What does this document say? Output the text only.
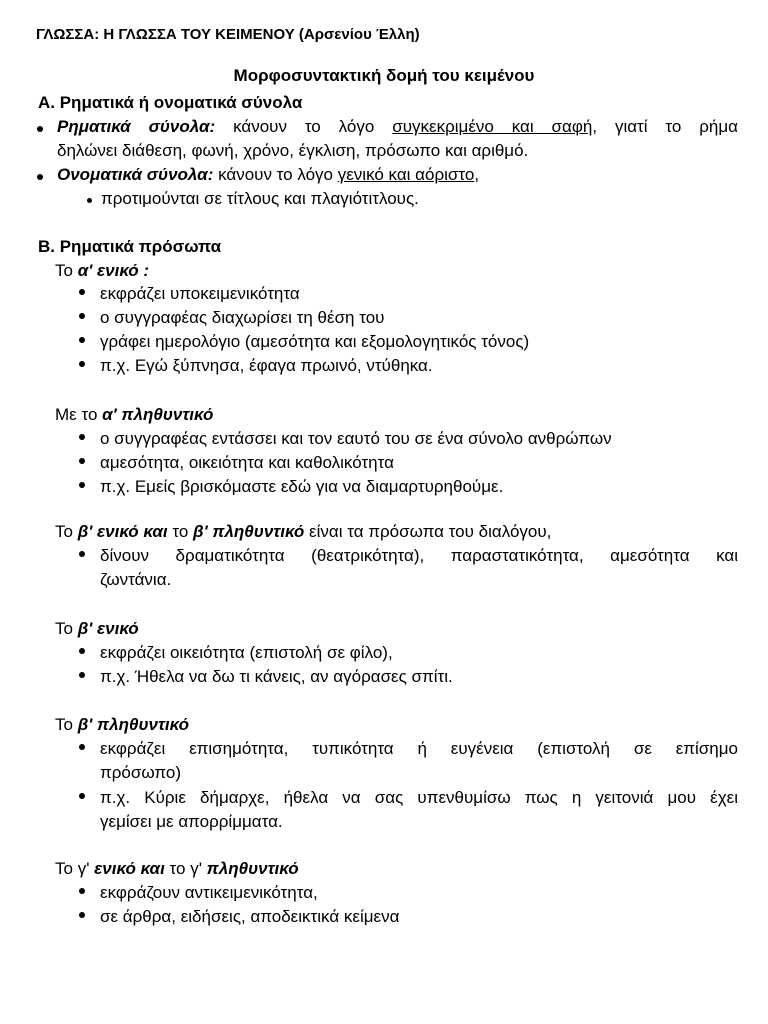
ΓΛΩΣΣΑ: Η ΓΛΩΣΣΑ ΤΟΥ ΚΕΙΜΕΝΟΥ (Αρσενίου Έλλη)
Μορφοσυντακτική δομή του κειμένου
Α. Ρηματικά ή ονοματικά σύνολα
Ρηματικά σύνολα: κάνουν το λόγο συγκεκριμένο και σαφή, γιατί το ρήμα
δηλώνει διάθεση, φωνή, χρόνο, έγκλιση, πρόσωπο και αριθμό.
Ονοματικά σύνολα: κάνουν το λόγο γενικό και αόριστο,
προτιμούνται σε τίτλους και πλαγιότιτλους.
Β. Ρηματικά πρόσωπα
Το α' ενικό :
εκφράζει υποκειμενικότητα
ο συγγραφέας διαχωρίσει τη θέση του
γράφει ημερολόγιο (αμεσότητα και εξομολογητικός τόνος)
π.χ. Εγώ ξύπνησα, έφαγα πρωινό, ντύθηκα.
Με το α' πληθυντικό
ο συγγραφέας εντάσσει και τον εαυτό του σε ένα σύνολο ανθρώπων
αμεσότητα, οικειότητα και καθολικότητα
π.χ. Εμείς βρισκόμαστε εδώ για να διαμαρτυρηθούμε.
Το β' ενικό και το β' πληθυντικό είναι τα πρόσωπα του διαλόγου,
δίνουν δραματικότητα (θεατρικότητα), παραστατικότητα, αμεσότητα και
ζωντάνια.
Το β' ενικό
εκφράζει οικειότητα (επιστολή σε φίλο),
π.χ. Ήθελα να δω τι κάνεις, αν αγόρασες σπίτι.
Το β' πληθυντικό
εκφράζει επισημότητα, τυπικότητα ή ευγένεια (επιστολή σε επίσημο
πρόσωπο)
π.χ. Κύριε δήμαρχε, ήθελα να σας υπενθυμίσω πως η γειτονιά μου έχει
γεμίσει με απορρίμματα.
Το γ' ενικό και το γ' πληθυντικό
εκφράζουν αντικειμενικότητα,
σε άρθρα, ειδήσεις, αποδεικτικά κείμενα
